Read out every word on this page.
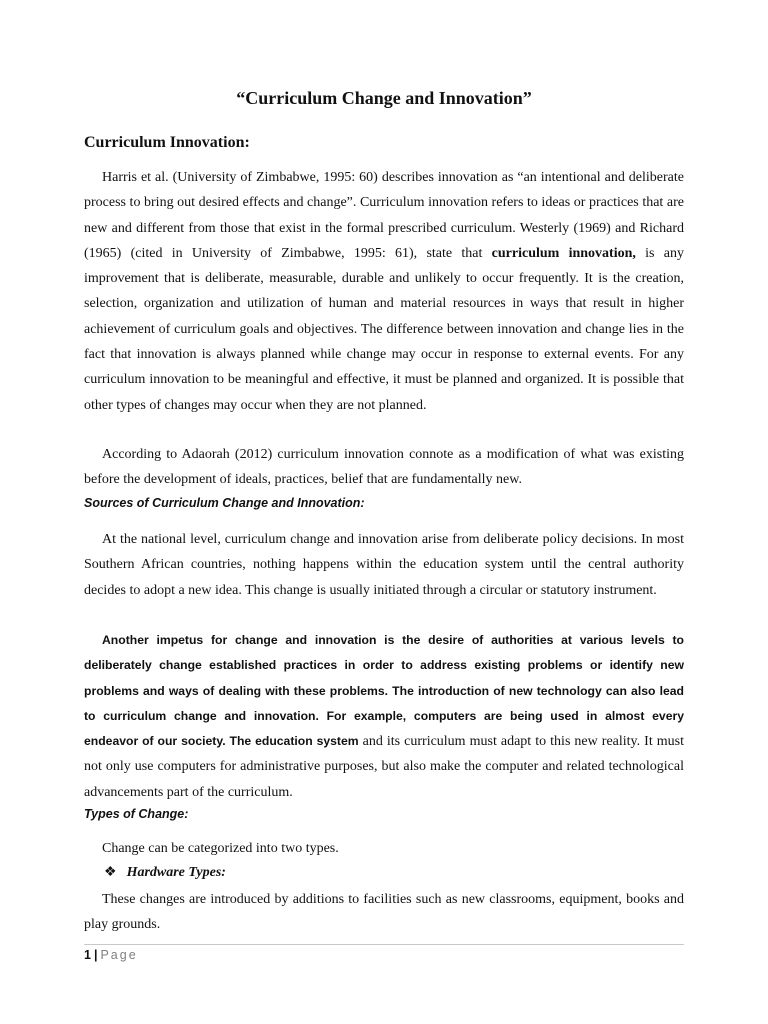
“Curriculum Change and Innovation”
Curriculum Innovation:

Harris et al. (University of Zimbabwe, 1995: 60) describes innovation as “an intentional and deliberate process to bring out desired effects and change”. Curriculum innovation refers to ideas or practices that are new and different from those that exist in the formal prescribed curriculum. Westerly (1969) and Richard (1965) (cited in University of Zimbabwe, 1995: 61), state that curriculum innovation, is any improvement that is deliberate, measurable, durable and unlikely to occur frequently. It is the creation, selection, organization and utilization of human and material resources in ways that result in higher achievement of curriculum goals and objectives. The difference between innovation and change lies in the fact that innovation is always planned while change may occur in response to external events. For any curriculum innovation to be meaningful and effective, it must be planned and organized. It is possible that other types of changes may occur when they are not planned.

According to Adaorah (2012) curriculum innovation connote as a modification of what was existing before the development of ideals, practices, belief that are fundamentally new.

Sources of Curriculum Change and Innovation:

At the national level, curriculum change and innovation arise from deliberate policy decisions. In most Southern African countries, nothing happens within the education system until the central authority decides to adopt a new idea. This change is usually initiated through a circular or statutory instrument.

Another impetus for change and innovation is the desire of authorities at various levels to deliberately change established practices in order to address existing problems or identify new problems and ways of dealing with these problems. The introduction of new technology can also lead to curriculum change and innovation. For example, computers are being used in almost every endeavor of our society. The education system and its curriculum must adapt to this new reality. It must not only use computers for administrative purposes, but also make the computer and related technological advancements part of the curriculum.

Types of Change:

Change can be categorized into two types.

❖ Hardware Types:

These changes are introduced by additions to facilities such as new classrooms, equipment, books and play grounds.

1 | Page
